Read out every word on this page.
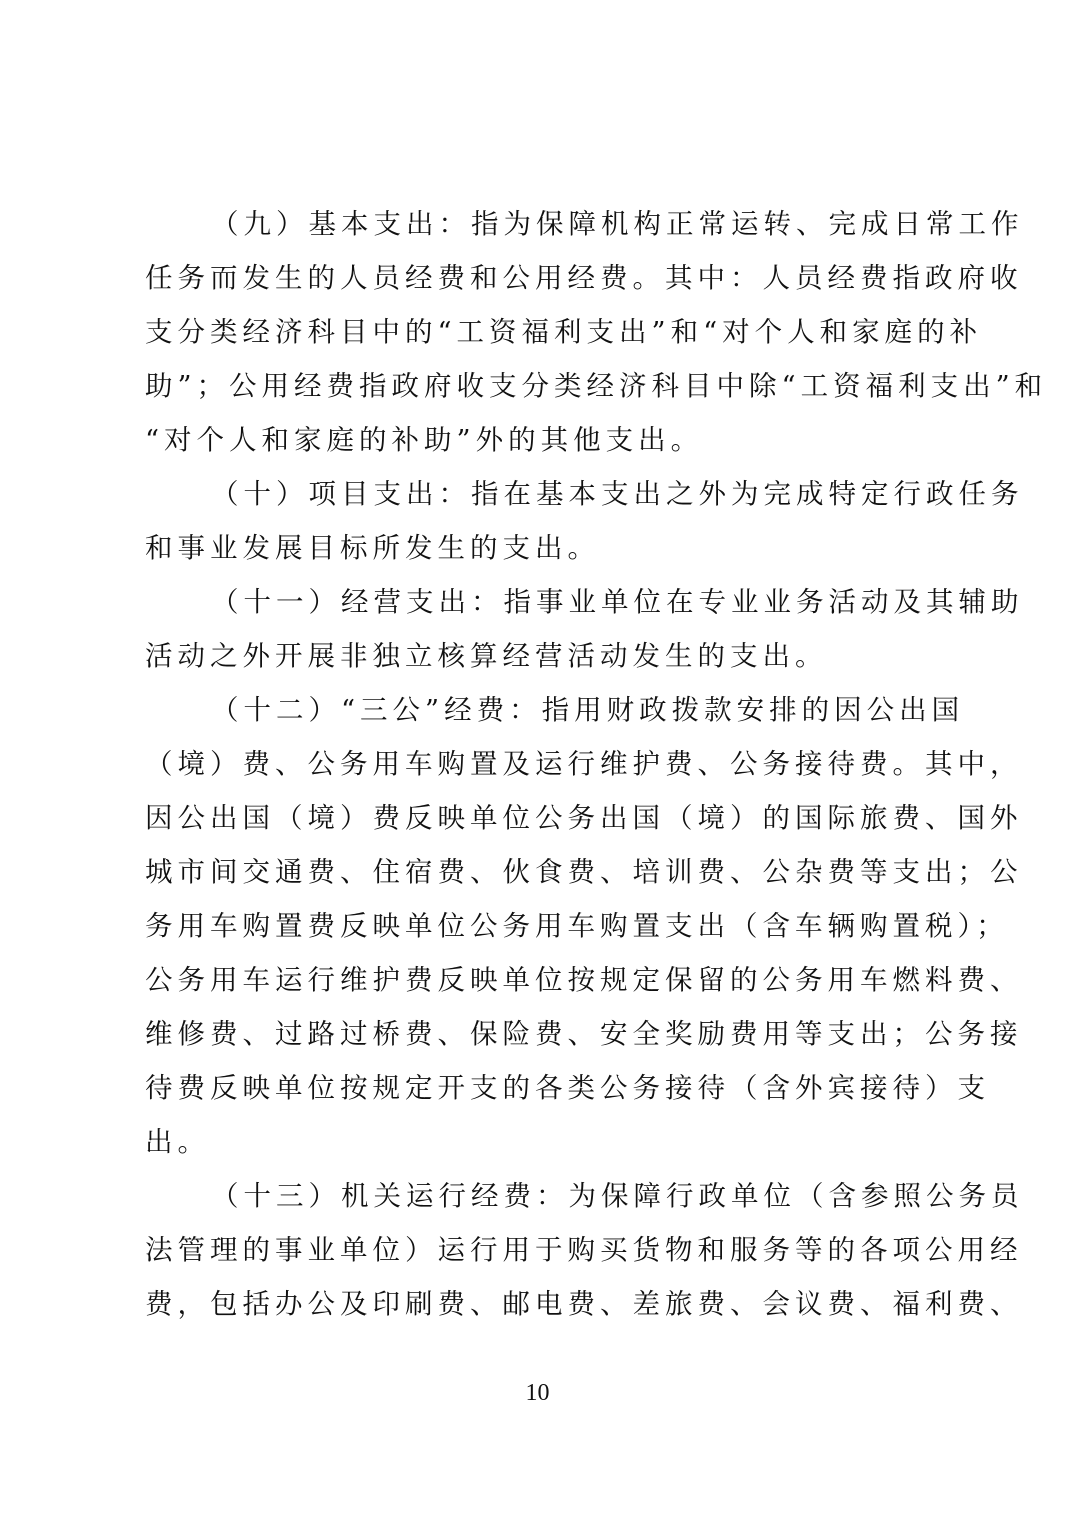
（九）基本支出：指为保障机构正常运转、完成日常工作
任务而发生的人员经费和公用经费。其中：人员经费指政府收
支分类经济科目中的“工资福利支出”和“对个人和家庭的补
助”；公用经费指政府收支分类经济科目中除“工资福利支出”和
“对个人和家庭的补助”外的其他支出。
（十）项目支出：指在基本支出之外为完成特定行政任务
和事业发展目标所发生的支出。
（十一）经营支出：指事业单位在专业业务活动及其辅助
活动之外开展非独立核算经营活动发生的支出。
（十二）“三公”经费：指用财政拨款安排的因公出国
（境）费、公务用车购置及运行维护费、公务接待费。其中，
因公出国（境）费反映单位公务出国（境）的国际旅费、国外
城市间交通费、住宿费、伙食费、培训费、公杂费等支出；公
务用车购置费反映单位公务用车购置支出（含车辆购置税）；
公务用车运行维护费反映单位按规定保留的公务用车燃料费、
维修费、过路过桥费、保险费、安全奖励费用等支出；公务接
待费反映单位按规定开支的各类公务接待（含外宾接待）支
出。
（十三）机关运行经费：为保障行政单位（含参照公务员
法管理的事业单位）运行用于购买货物和服务等的各项公用经
费，包括办公及印刷费、邮电费、差旅费、会议费、福利费、
10
